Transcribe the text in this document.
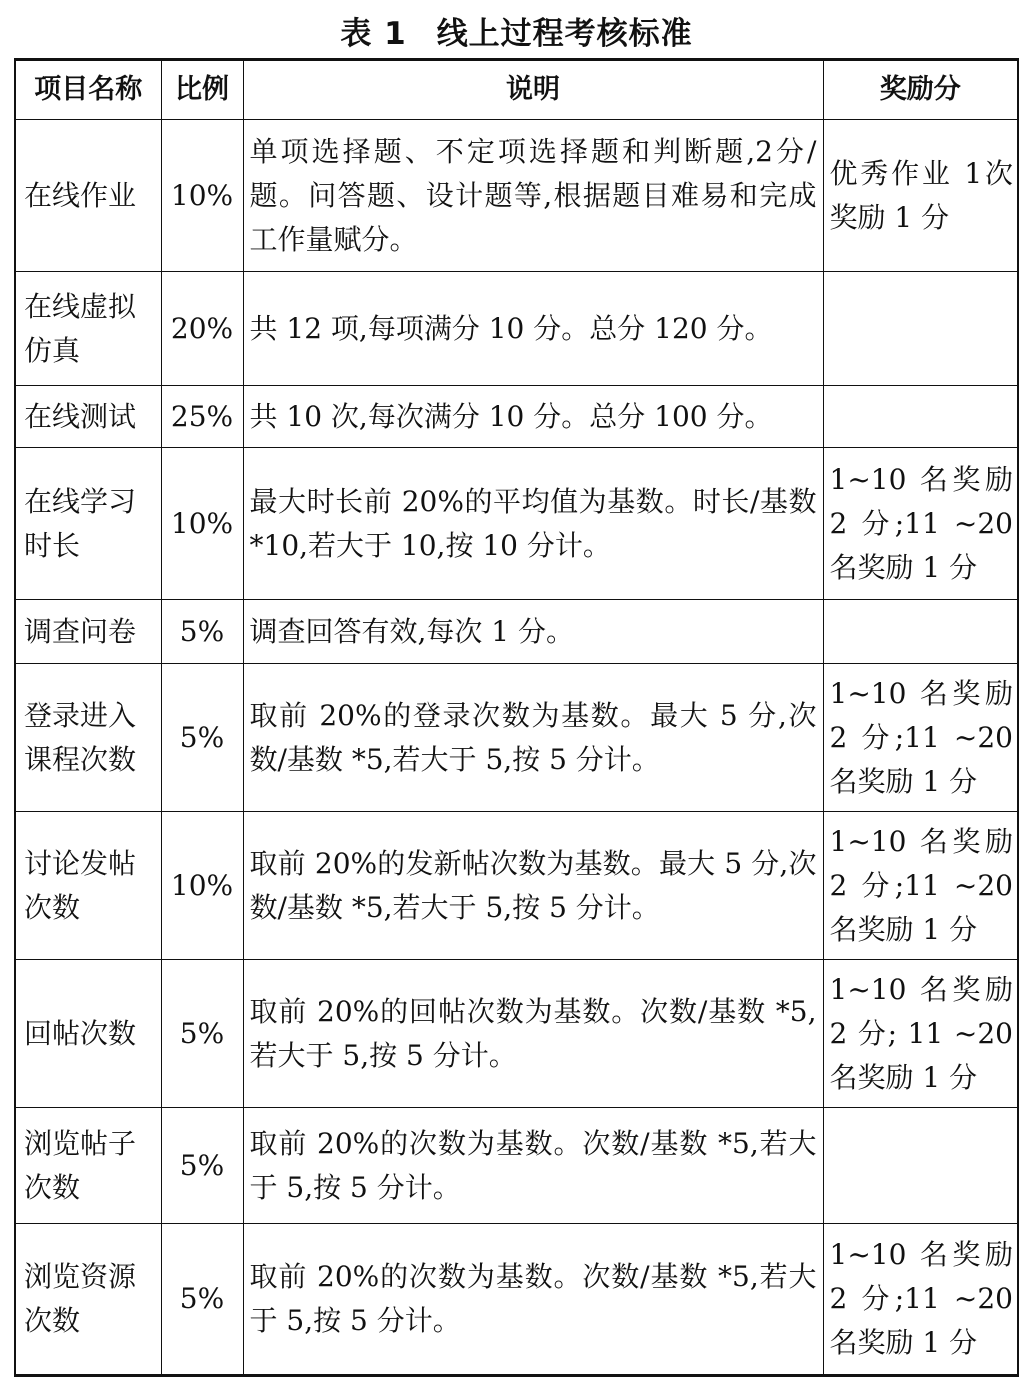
表 1 线上过程考核标准
项目名称	比例	说明	奖励分
在线作业	10%	单项选择题、不定项选择题和判断题,2分/题。问答题、设计题等,根据题目难易和完成工作量赋分。	优秀作业 1次奖励 1 分
在线虚拟仿真	20%	共 12 项,每项满分 10 分。总分 120 分。	
在线测试	25%	共 10 次,每次满分 10 分。总分 100 分。	
在线学习时长	10%	最大时长前 20%的平均值为基数。时长/基数 *10,若大于 10,按 10 分计。	1~10 名奖励 2 分;11 ~20名奖励 1 分
调查问卷	5%	调查回答有效,每次 1 分。	
登录进入课程次数	5%	取前 20%的登录次数为基数。最大 5 分,次数/基数 *5,若大于 5,按 5 分计。	1~10 名奖励 2 分;11 ~20名奖励 1 分
讨论发帖次数	10%	取前 20%的发新帖次数为基数。最大 5 分,次数/基数 *5,若大于 5,按 5 分计。	1~10 名奖励 2 分;11 ~20名奖励 1 分
回帖次数	5%	取前 20%的回帖次数为基数。次数/基数 *5,若大于 5,按 5 分计。	1~10 名奖励 2 分; 11 ~20名奖励 1 分
浏览帖子次数	5%	取前 20%的次数为基数。次数/基数 *5,若大于 5,按 5 分计。	
浏览资源次数	5%	取前 20%的次数为基数。次数/基数 *5,若大于 5,按 5 分计。	1~10 名奖励 2 分;11 ~20名奖励 1 分
